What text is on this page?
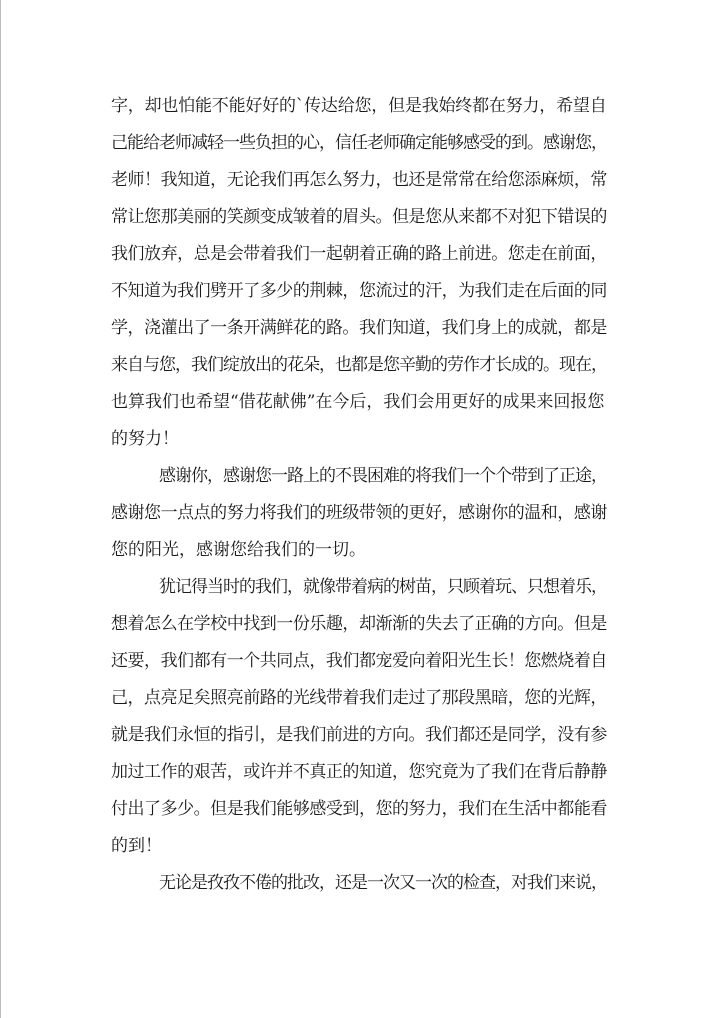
字，却也怕能不能好好的`传达给您，但是我始终都在努力，希望自
己能给老师减轻一些负担的心，信任老师确定能够感受的到。感谢您，
老师！我知道，无论我们再怎么努力，也还是常常在给您添麻烦，常
常让您那美丽的笑颜变成皱着的眉头。但是您从来都不对犯下错误的
我们放弃，总是会带着我们一起朝着正确的路上前进。您走在前面，
不知道为我们劈开了多少的荆棘，您流过的汗，为我们走在后面的同
学，浇灌出了一条开满鲜花的路。我们知道，我们身上的成就，都是
来自与您，我们绽放出的花朵，也都是您辛勤的劳作才长成的。现在，
也算我们也希望“借花献佛”在今后，我们会用更好的成果来回报您
的努力！
感谢你，感谢您一路上的不畏困难的将我们一个个带到了正途，
感谢您一点点的努力将我们的班级带领的更好，感谢你的温和，感谢
您的阳光，感谢您给我们的一切。
犹记得当时的我们，就像带着病的树苗，只顾着玩、只想着乐，
想着怎么在学校中找到一份乐趣，却渐渐的失去了正确的方向。但是
还要，我们都有一个共同点，我们都宠爱向着阳光生长！您燃烧着自
己，点亮足矣照亮前路的光线带着我们走过了那段黑暗，您的光辉，
就是我们永恒的指引，是我们前进的方向。我们都还是同学，没有参
加过工作的艰苦，或许并不真正的知道，您究竟为了我们在背后静静
付出了多少。但是我们能够感受到，您的努力，我们在生活中都能看
的到！
无论是孜孜不倦的批改，还是一次又一次的检查，对我们来说，
